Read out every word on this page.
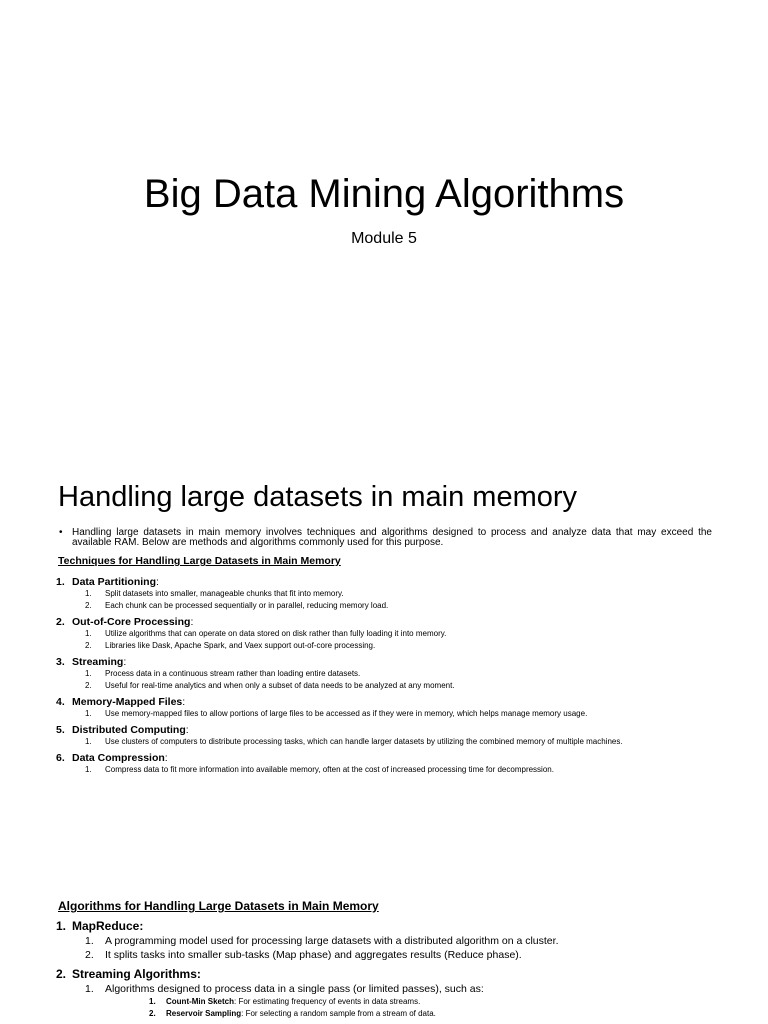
Big Data Mining Algorithms
Module 5
Handling large datasets in main memory
• Handling large datasets in main memory involves techniques and algorithms designed to process and analyze data that may exceed the available RAM. Below are methods and algorithms commonly used for this purpose.
Techniques for Handling Large Datasets in Main Memory
1. Data Partitioning:
1. Split datasets into smaller, manageable chunks that fit into memory.
2. Each chunk can be processed sequentially or in parallel, reducing memory load.
2. Out-of-Core Processing:
1. Utilize algorithms that can operate on data stored on disk rather than fully loading it into memory.
2. Libraries like Dask, Apache Spark, and Vaex support out-of-core processing.
3. Streaming:
1. Process data in a continuous stream rather than loading entire datasets.
2. Useful for real-time analytics and when only a subset of data needs to be analyzed at any moment.
4. Memory-Mapped Files:
1. Use memory-mapped files to allow portions of large files to be accessed as if they were in memory, which helps manage memory usage.
5. Distributed Computing:
1. Use clusters of computers to distribute processing tasks, which can handle larger datasets by utilizing the combined memory of multiple machines.
6. Data Compression:
1. Compress data to fit more information into available memory, often at the cost of increased processing time for decompression.
Algorithms for Handling Large Datasets in Main Memory
1. MapReduce:
1. A programming model used for processing large datasets with a distributed algorithm on a cluster.
2. It splits tasks into smaller sub-tasks (Map phase) and aggregates results (Reduce phase).
2. Streaming Algorithms:
1. Algorithms designed to process data in a single pass (or limited passes), such as:
1. Count-Min Sketch: For estimating frequency of events in data streams.
2. Reservoir Sampling: For selecting a random sample from a stream of data.
